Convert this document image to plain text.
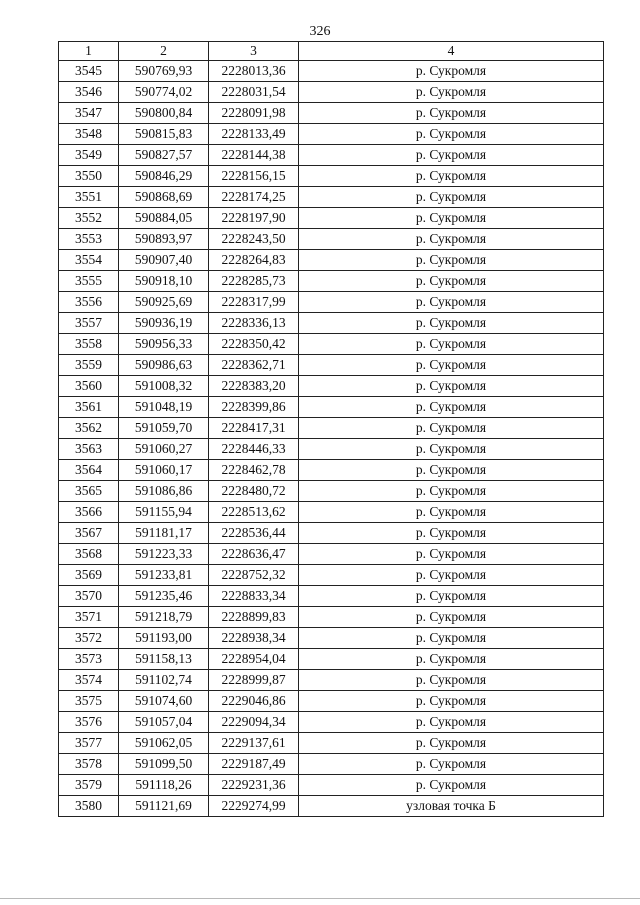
326
1	2	3	4
3545	590769,93	2228013,36	р. Сукромля
3546	590774,02	2228031,54	р. Сукромля
3547	590800,84	2228091,98	р. Сукромля
3548	590815,83	2228133,49	р. Сукромля
3549	590827,57	2228144,38	р. Сукромля
3550	590846,29	2228156,15	р. Сукромля
3551	590868,69	2228174,25	р. Сукромля
3552	590884,05	2228197,90	р. Сукромля
3553	590893,97	2228243,50	р. Сукромля
3554	590907,40	2228264,83	р. Сукромля
3555	590918,10	2228285,73	р. Сукромля
3556	590925,69	2228317,99	р. Сукромля
3557	590936,19	2228336,13	р. Сукромля
3558	590956,33	2228350,42	р. Сукромля
3559	590986,63	2228362,71	р. Сукромля
3560	591008,32	2228383,20	р. Сукромля
3561	591048,19	2228399,86	р. Сукромля
3562	591059,70	2228417,31	р. Сукромля
3563	591060,27	2228446,33	р. Сукромля
3564	591060,17	2228462,78	р. Сукромля
3565	591086,86	2228480,72	р. Сукромля
3566	591155,94	2228513,62	р. Сукромля
3567	591181,17	2228536,44	р. Сукромля
3568	591223,33	2228636,47	р. Сукромля
3569	591233,81	2228752,32	р. Сукромля
3570	591235,46	2228833,34	р. Сукромля
3571	591218,79	2228899,83	р. Сукромля
3572	591193,00	2228938,34	р. Сукромля
3573	591158,13	2228954,04	р. Сукромля
3574	591102,74	2228999,87	р. Сукромля
3575	591074,60	2229046,86	р. Сукромля
3576	591057,04	2229094,34	р. Сукромля
3577	591062,05	2229137,61	р. Сукромля
3578	591099,50	2229187,49	р. Сукромля
3579	591118,26	2229231,36	р. Сукромля
3580	591121,69	2229274,99	узловая точка Б
